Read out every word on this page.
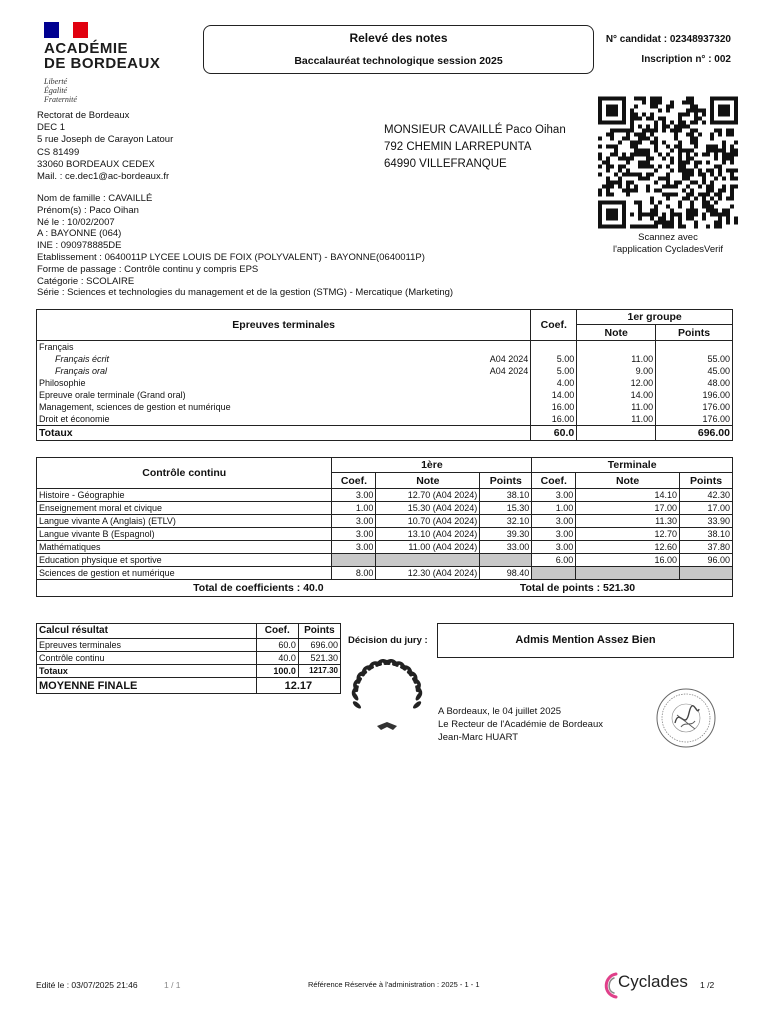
ACADÉMIE
DE BORDEAUX
Liberté
Égalité
Fraternité
Relevé des notes
Baccalauréat technologique session 2025
N° candidat : 02348937320
Inscription n° : 002
Rectorat de Bordeaux
DEC 1
5 rue Joseph de Carayon Latour
CS 81499
33060 BORDEAUX CEDEX
Mail. : ce.dec1@ac-bordeaux.fr
MONSIEUR CAVAILLÉ Paco Oihan
792 CHEMIN LARREPUNTA
64990 VILLEFRANQUE
Scannez avec
l'application CycladesVerif
Nom de famille : CAVAILLÉ
Prénom(s) : Paco Oihan
Né le : 10/02/2007
A : BAYONNE (064)
INE : 090978885DE
Etablissement : 0640011P LYCEE LOUIS DE FOIX (POLYVALENT) - BAYONNE(0640011P)
Forme de passage : Contrôle continu y compris EPS
Catégorie : SCOLAIRE
Série : Sciences et technologies du management et de la gestion (STMG) - Mercatique (Marketing)
Epreuves terminales		Coef.	1er groupe	
			Note	Points
Français				
Français écrit	A04 2024	5.00	11.00	55.00
Français oral	A04 2024	5.00	9.00	45.00
Philosophie		4.00	12.00	48.00
Epreuve orale terminale (Grand oral)		14.00	14.00	196.00
Management, sciences de gestion et numérique		16.00	11.00	176.00
Droit et économie		16.00	11.00	176.00
Totaux		60.0		696.00
Contrôle continu	1ère			Terminale		
	Coef.	Note	Points	Coef.	Note	Points
Histoire - Géographie	3.00	12.70 (A04 2024)	38.10	3.00	14.10	42.30
Enseignement moral et civique	1.00	15.30 (A04 2024)	15.30	1.00	17.00	17.00
Langue vivante A (Anglais) (ETLV)	3.00	10.70 (A04 2024)	32.10	3.00	11.30	33.90
Langue vivante B (Espagnol)	3.00	13.10 (A04 2024)	39.30	3.00	12.70	38.10
Mathématiques	3.00	11.00 (A04 2024)	33.00	3.00	12.60	37.80
Education physique et sportive				6.00	16.00	96.00
Sciences de gestion et numérique	8.00	12.30 (A04 2024)	98.40			
Total de coefficients : 40.0			Total de points : 521.30			
Calcul résultat	Coef.	Points
Epreuves terminales	60.0	696.00
Contrôle continu	40.0	521.30
Totaux	100.0	1217.30
MOYENNE FINALE	12.17	
Décision du jury :	Admis Mention Assez Bien
A Bordeaux, le 04 juillet 2025
Le Recteur de l'Académie de Bordeaux
Jean-Marc HUART
Edité le : 03/07/2025 21:46	1 / 1	Référence Réservée à l'administration : 2025 - 1 - 1	Cyclades 1 /2
